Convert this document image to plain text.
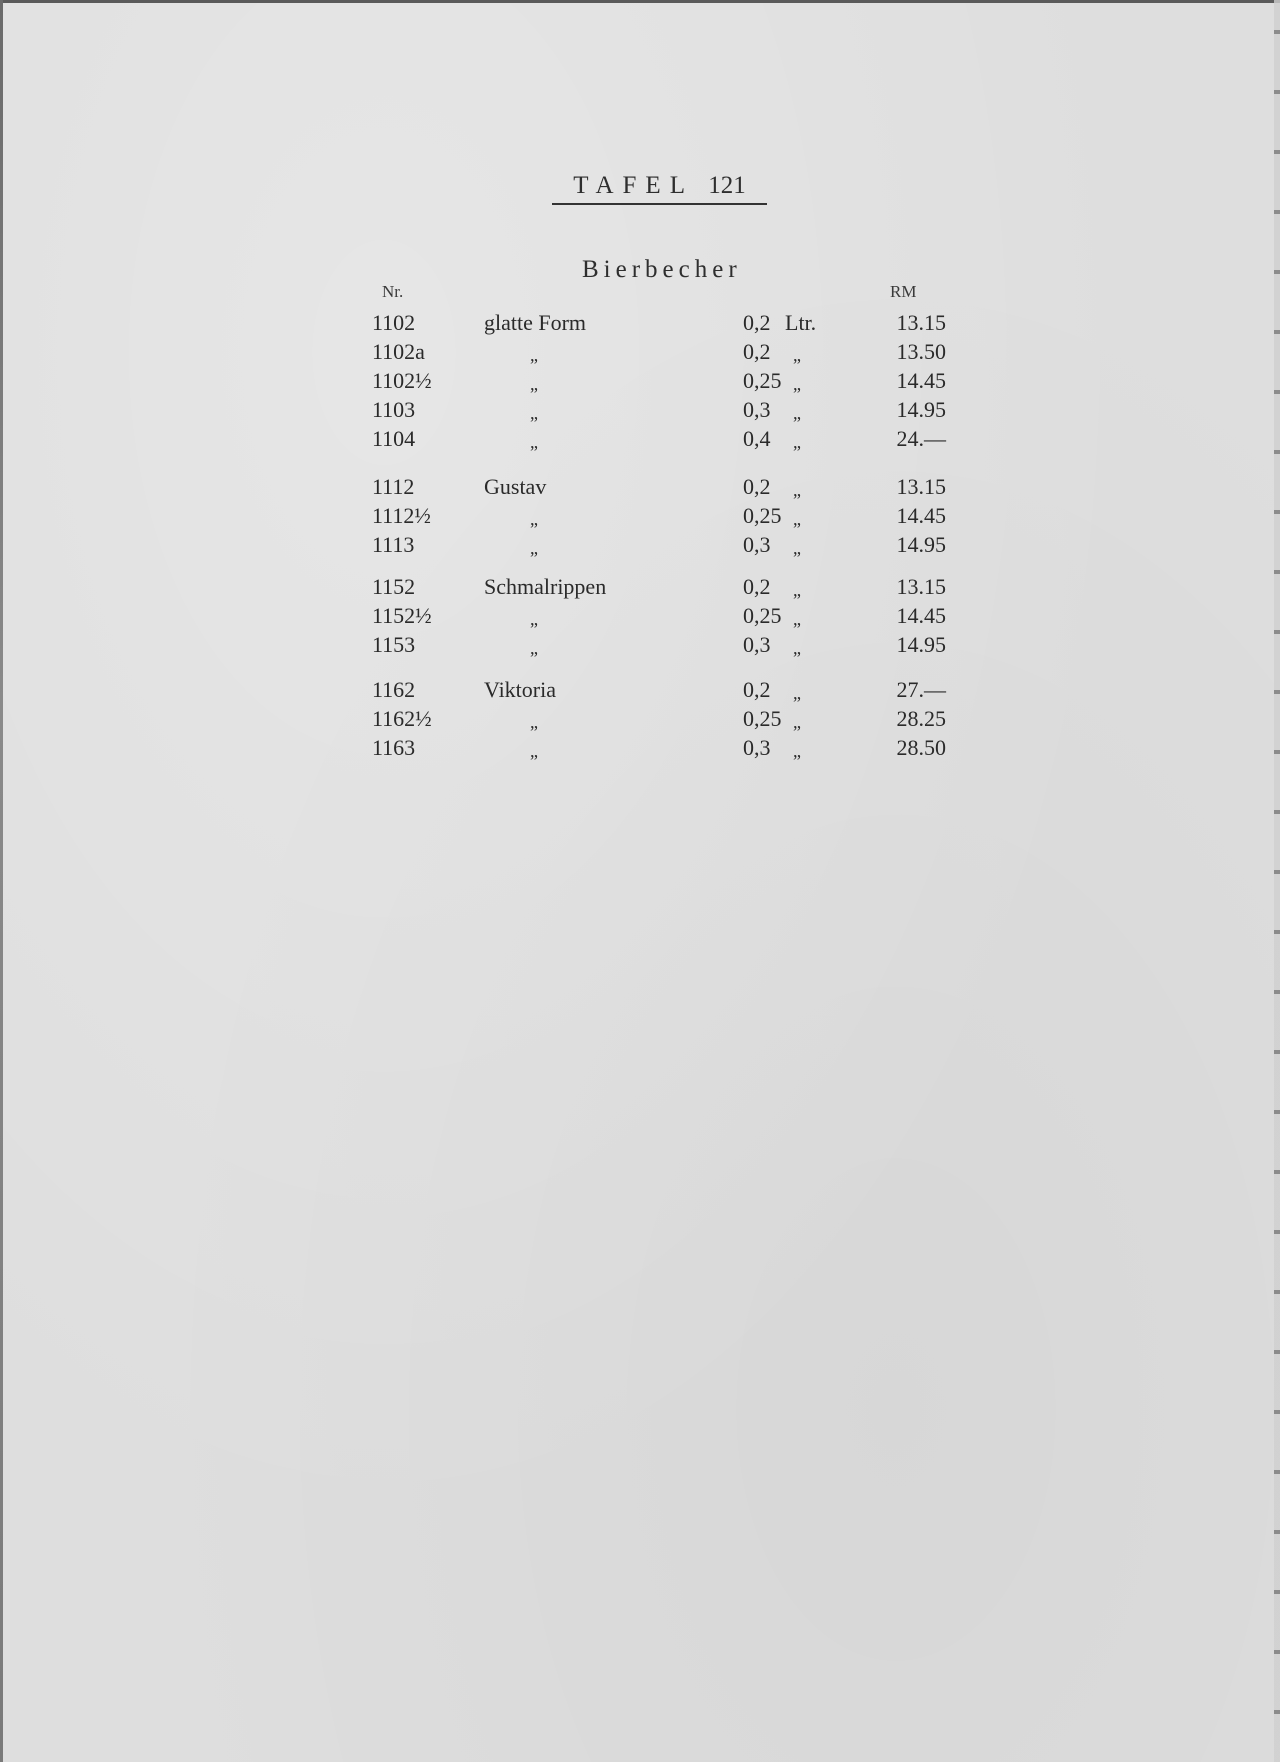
TAFEL 121
Bierbecher
Nr.	RM
1102	glatte Form	0,2 Ltr.	13.15
1102a	„	0,2 „	13.50
1102½	„	0,25 „	14.45
1103	„	0,3 „	14.95
1104	„	0,4 „	24.—
1112	Gustav	0,2 „	13.15
1112½	„	0,25 „	14.45
1113	„	0,3 „	14.95
1152	Schmalrippen	0,2 „	13.15
1152½	„	0,25 „	14.45
1153	„	0,3 „	14.95
1162	Viktoria	0,2 „	27.—
1162½	„	0,25 „	28.25
1163	„	0,3 „	28.50
